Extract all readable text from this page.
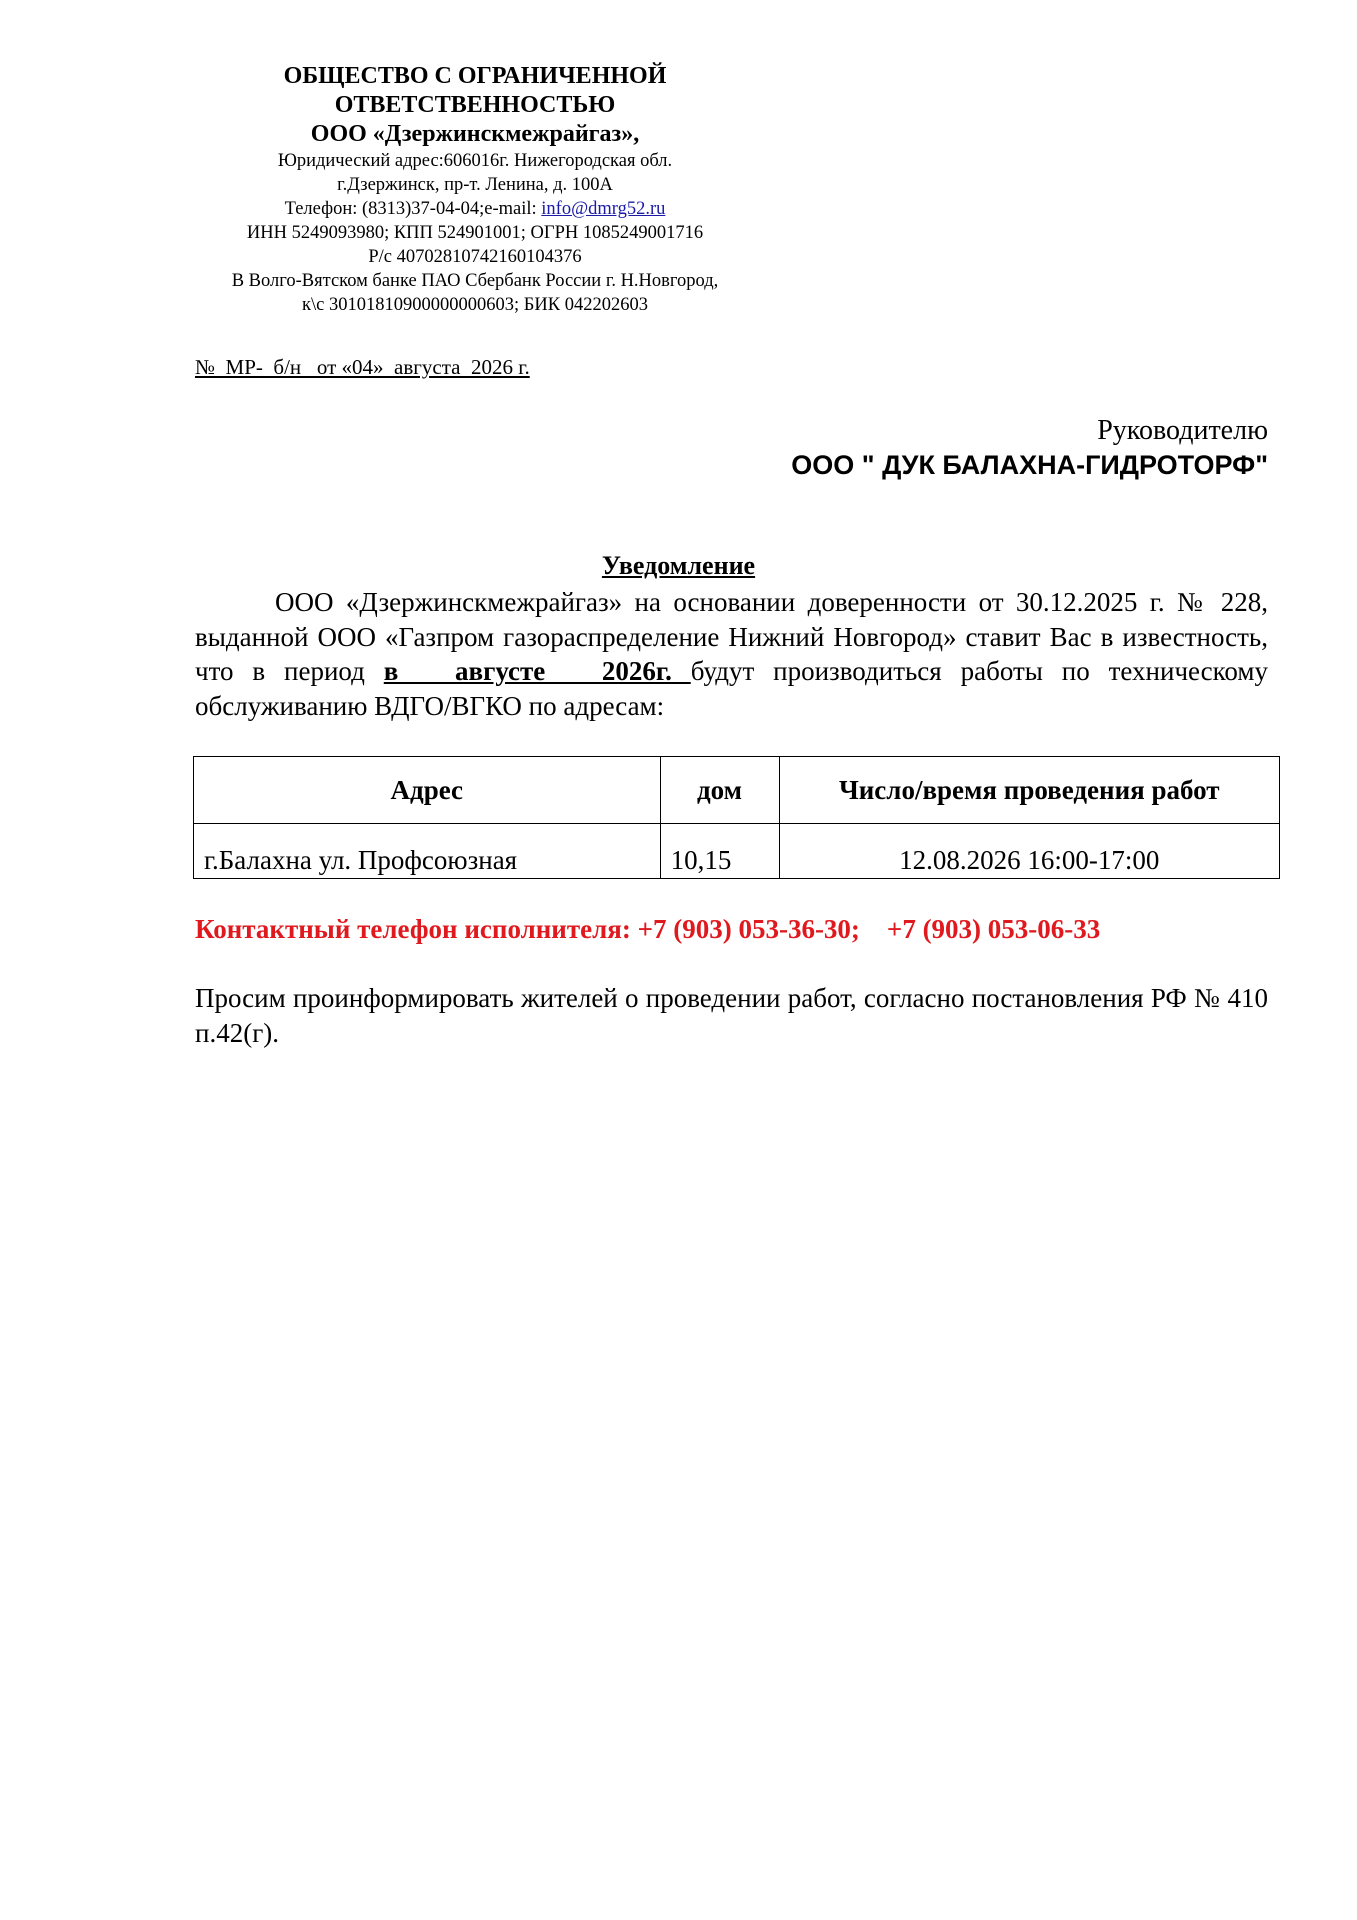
ОБЩЕСТВО С ОГРАНИЧЕННОЙ
ОТВЕТСТВЕННОСТЬЮ
ООО «Дзержинскмежрайгаз»,
Юридический адрес:606016г. Нижегородская обл.
г.Дзержинск, пр-т. Ленина, д. 100А
Телефон: (8313)37-04-04;e-mail: info@dmrg52.ru
ИНН 5249093980; КПП 524901001; ОГРН 1085249001716
Р/с 40702810742160104376
В Волго-Вятском банке ПАО Сбербанк России г. Н.Новгород,
к\с 30101810900000000603; БИК 042202603
№  МР-  б/н   от «04»  августа  2026 г.
Руководителю
ООО " ДУК БАЛАХНА-ГИДРОТОРФ"
Уведомление
ООО «Дзержинскмежрайгаз» на основании доверенности от 30.12.2025 г. № 228, выданной ООО «Газпром газораспределение Нижний Новгород» ставит Вас в известность, что в период в   августе   2026г. будут производиться работы по техническому обслуживанию ВДГО/ВГКО по адресам:
Адрес	дом	Число/время проведения работ
г.Балахна ул. Профсоюзная	10,15	12.08.2026 16:00-17:00
Контактный телефон исполнителя: +7 (903) 053-36-30;    +7 (903) 053-06-33
Просим проинформировать жителей о проведении работ, согласно постановления РФ № 410 п.42(г).
